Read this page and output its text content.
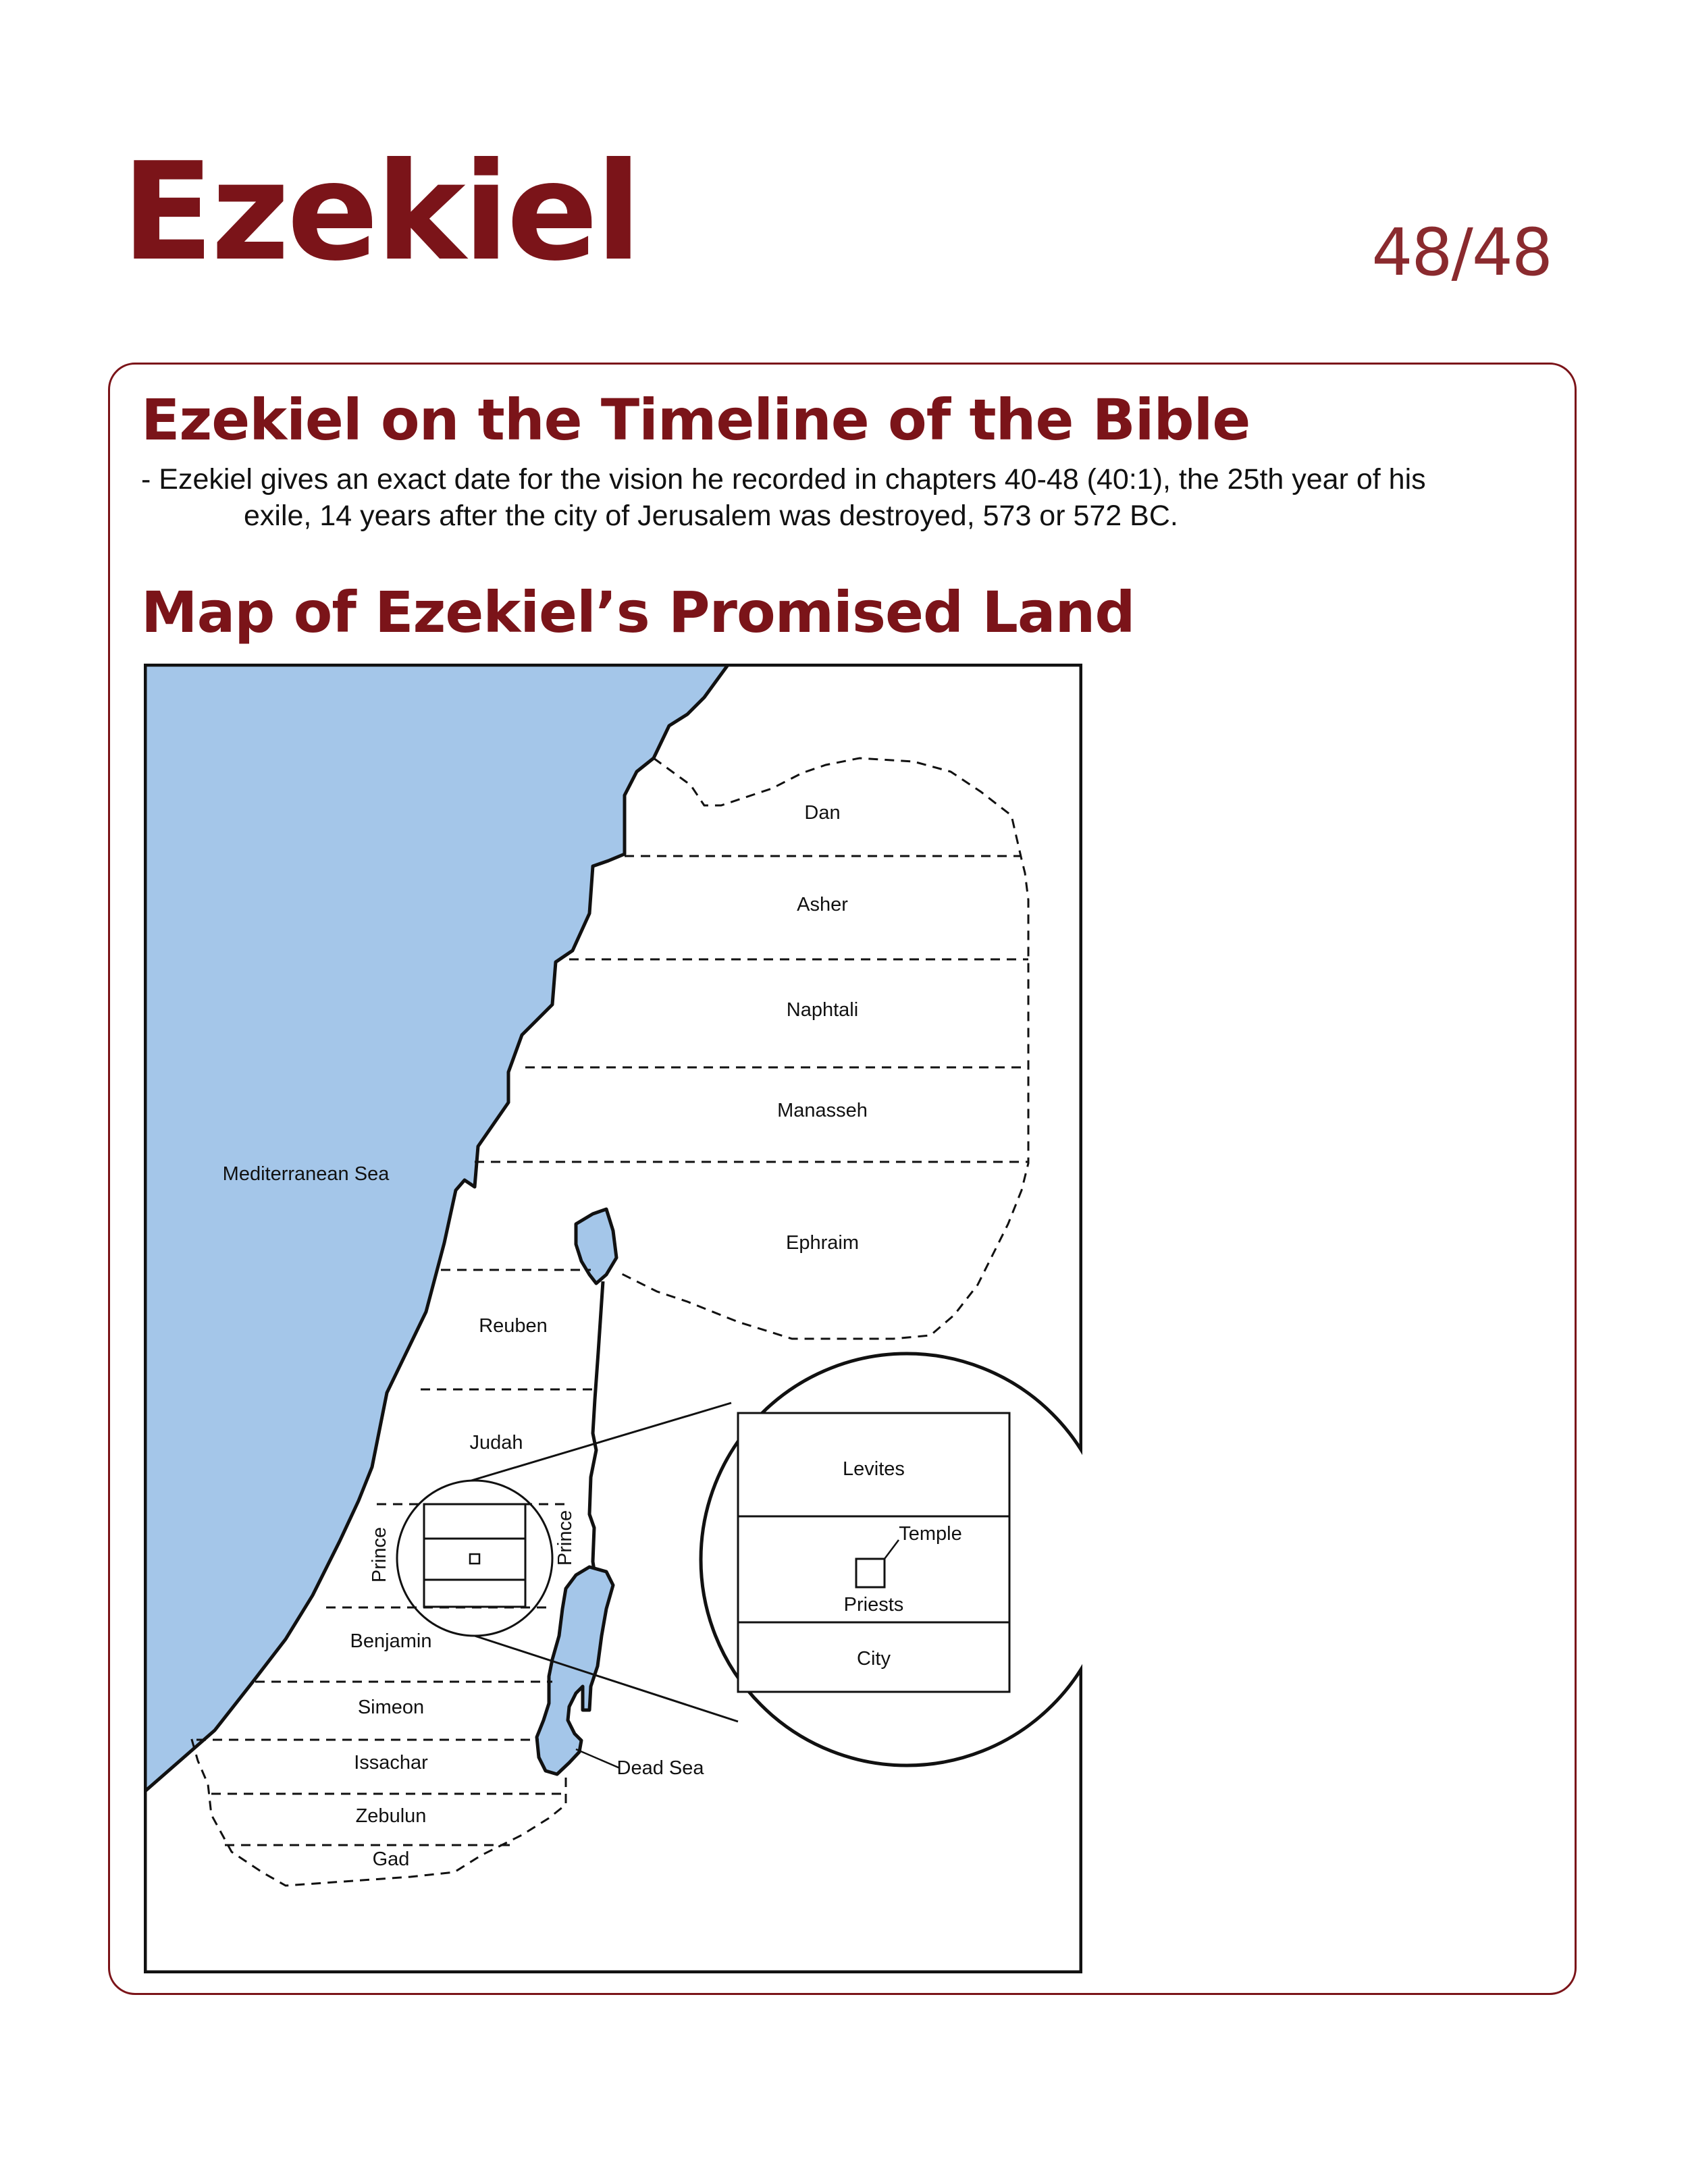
Ezekiel	48/48
Ezekiel on the Timeline of the Bible
- Ezekiel gives an exact date for the vision he recorded in chapters 40-48 (40:1), the 25th year of his
exile, 14 years after the city of Jerusalem was destroyed, 573 or 572 BC.
Map of Ezekiel’s Promised Land
Mediterranean Sea
Dead Sea
Dan
Asher
Naphtali
Manasseh
Ephraim
Reuben
Judah
Benjamin
Simeon
Issachar
Zebulun
Gad
Prince	Prince
Levites
Temple
Priests
City
